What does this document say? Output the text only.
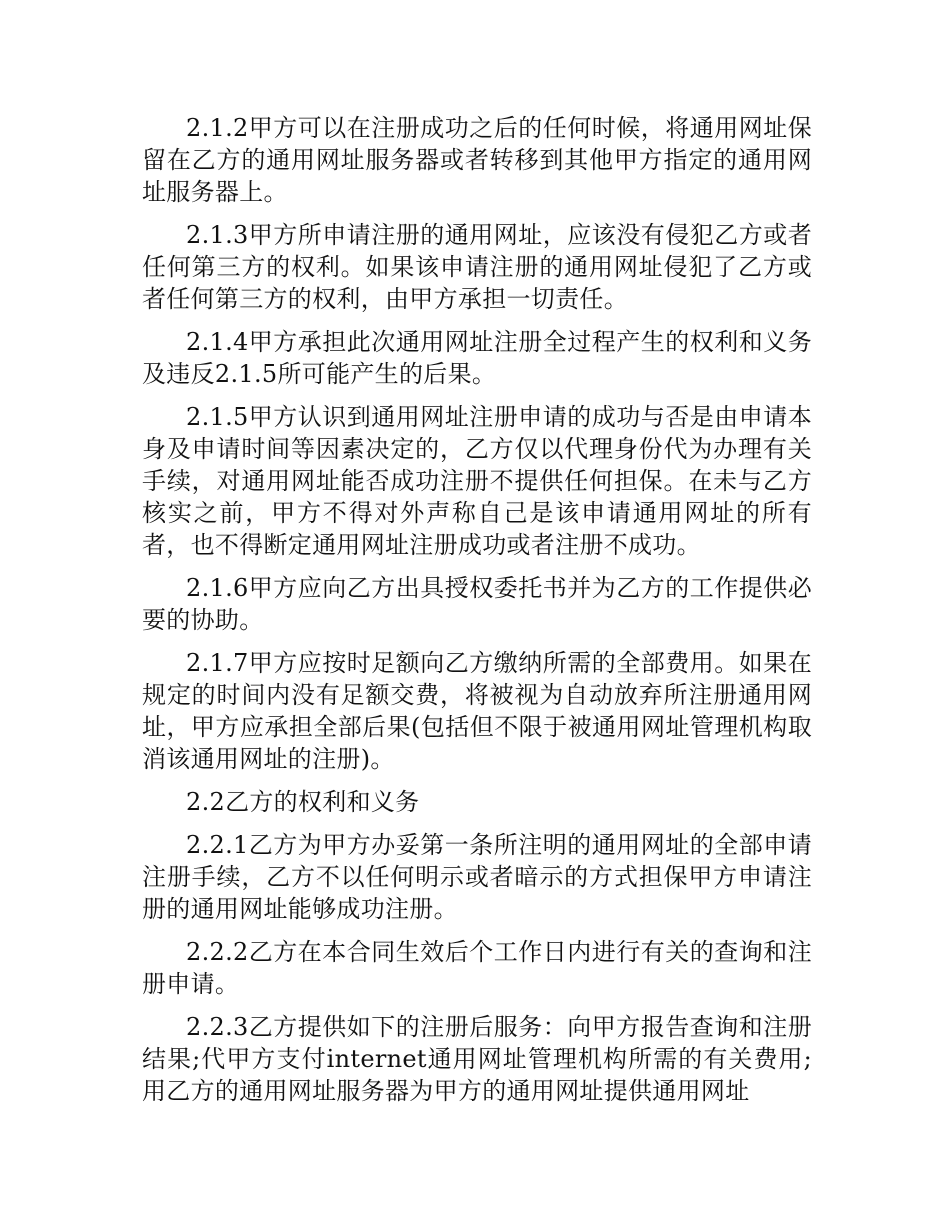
2.1.2甲方可以在注册成功之后的任何时候，将通用网址保留在乙方的通用网址服务器或者转移到其他甲方指定的通用网址服务器上。

2.1.3甲方所申请注册的通用网址，应该没有侵犯乙方或者任何第三方的权利。如果该申请注册的通用网址侵犯了乙方或者任何第三方的权利，由甲方承担一切责任。

2.1.4甲方承担此次通用网址注册全过程产生的权利和义务及违反2.1.5所可能产生的后果。

2.1.5甲方认识到通用网址注册申请的成功与否是由申请本身及申请时间等因素决定的，乙方仅以代理身份代为办理有关手续，对通用网址能否成功注册不提供任何担保。在未与乙方核实之前，甲方不得对外声称自己是该申请通用网址的所有者，也不得断定通用网址注册成功或者注册不成功。

2.1.6甲方应向乙方出具授权委托书并为乙方的工作提供必要的协助。

2.1.7甲方应按时足额向乙方缴纳所需的全部费用。如果在规定的时间内没有足额交费，将被视为自动放弃所注册通用网址，甲方应承担全部后果(包括但不限于被通用网址管理机构取消该通用网址的注册)。

2.2乙方的权利和义务

2.2.1乙方为甲方办妥第一条所注明的通用网址的全部申请注册手续，乙方不以任何明示或者暗示的方式担保甲方申请注册的通用网址能够成功注册。

2.2.2乙方在本合同生效后个工作日内进行有关的查询和注册申请。

2.2.3乙方提供如下的注册后服务：向甲方报告查询和注册结果;代甲方支付internet通用网址管理机构所需的有关费用;用乙方的通用网址服务器为甲方的通用网址提供通用网址
